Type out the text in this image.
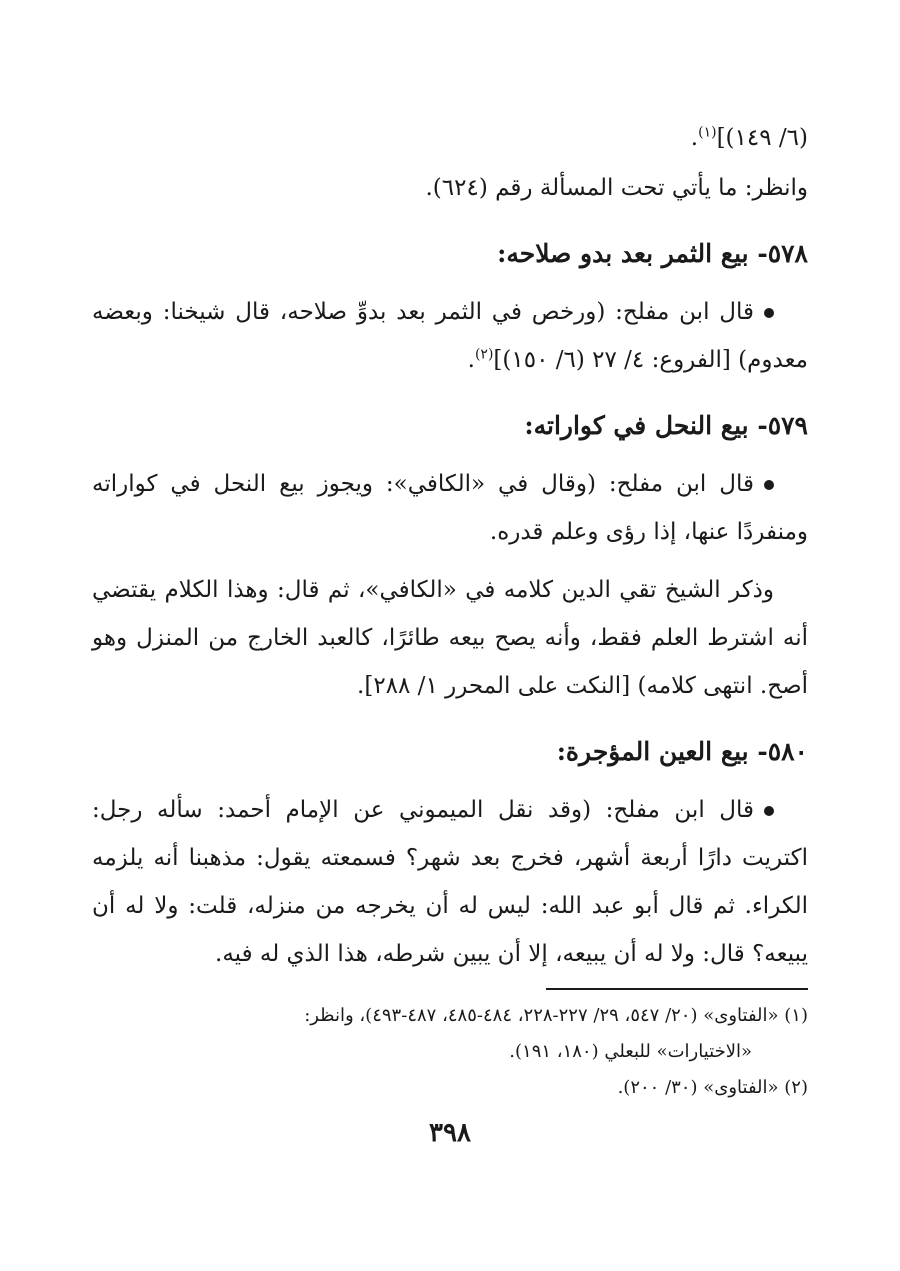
(٦/ ١٤٩)]$^{(١)}$.

وانظر: ما يأتي تحت المسألة رقم (٦٢٤).

٥٧٨- بيع الثمر بعد بدو صلاحه:

قال ابن مفلح: (ورخص في الثمر بعد بدوِّ صلاحه، قال شيخنا: وبعضه معدوم) [الفروع: ٤/ ٢٧ (٦/ ١٥٠)]$^{(٢)}$.

٥٧٩- بيع النحل في كواراته:

قال ابن مفلح: (وقال في «الكافي»: ويجوز بيع النحل في كواراته ومنفردًا عنها، إذا رؤى وعلم قدره.

وذكر الشيخ تقي الدين كلامه في «الكافي»، ثم قال: وهذا الكلام يقتضي أنه اشترط العلم فقط، وأنه يصح بيعه طائرًا، كالعبد الخارج من المنزل وهو أصح. انتهى كلامه) [النكت على المحرر ١/ ٢٨٨].

٥٨٠- بيع العين المؤجرة:

قال ابن مفلح: (وقد نقل الميموني عن الإمام أحمد: سأله رجل: اكتريت دارًا أربعة أشهر، فخرج بعد شهر؟ فسمعته يقول: مذهبنا أنه يلزمه الكراء. ثم قال أبو عبد الله: ليس له أن يخرجه من منزله، قلت: ولا له أن يبيعه؟ قال: ولا له أن يبيعه، إلا أن يبين شرطه، هذا الذي له فيه.

(١) «الفتاوى» (٢٠/ ٥٤٧، ٢٩/ ٢٢٧-٢٢٨، ٤٨٤-٤٨٥، ٤٨٧-٤٩٣)، وانظر:

«الاختيارات» للبعلي (١٨٠، ١٩١).

(٢) «الفتاوى» (٣٠/ ٢٠٠).

٣٩٨
